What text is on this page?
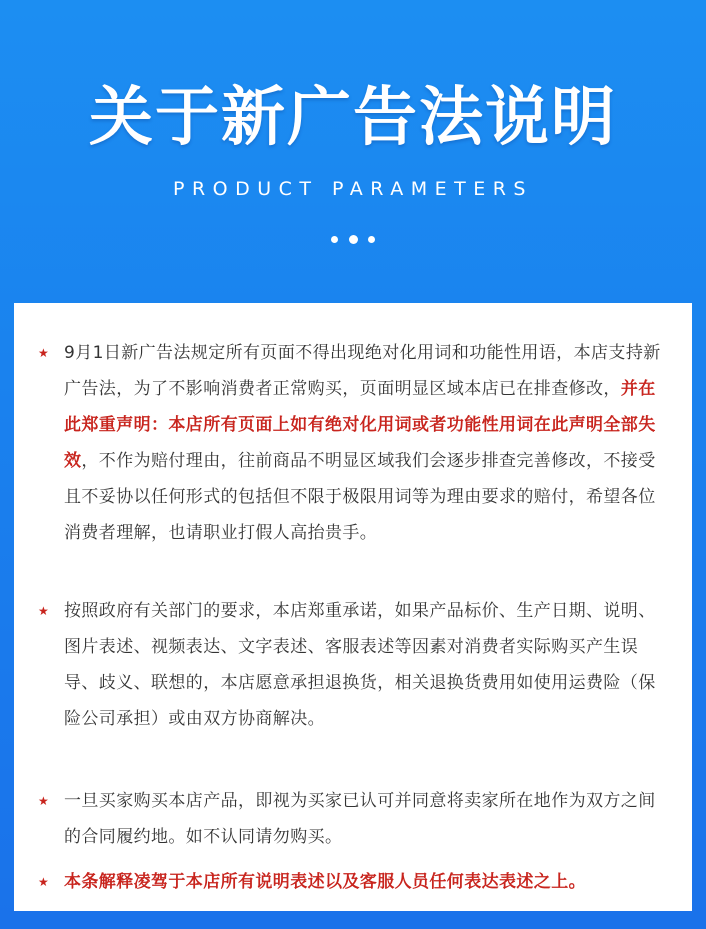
关于新广告法说明
PRODUCT PARAMETERS
★ 9月1日新广告法规定所有页面不得出现绝对化用词和功能性用语，本店支持新广告法，为了不影响消费者正常购买，页面明显区域本店已在排查修改，并在此郑重声明：本店所有页面上如有绝对化用词或者功能性用词在此声明全部失效，不作为赔付理由，往前商品不明显区域我们会逐步排查完善修改，不接受且不妥协以任何形式的包括但不限于极限用词等为理由要求的赔付，希望各位消费者理解，也请职业打假人高抬贵手。
★ 按照政府有关部门的要求，本店郑重承诺，如果产品标价、生产日期、说明、图片表述、视频表达、文字表述、客服表述等因素对消费者实际购买产生误导、歧义、联想的，本店愿意承担退换货，相关退换货费用如使用运费险（保险公司承担）或由双方协商解决。
★ 一旦买家购买本店产品，即视为买家已认可并同意将卖家所在地作为双方之间的合同履约地。如不认同请勿购买。
★ 本条解释凌驾于本店所有说明表述以及客服人员任何表达表述之上。
